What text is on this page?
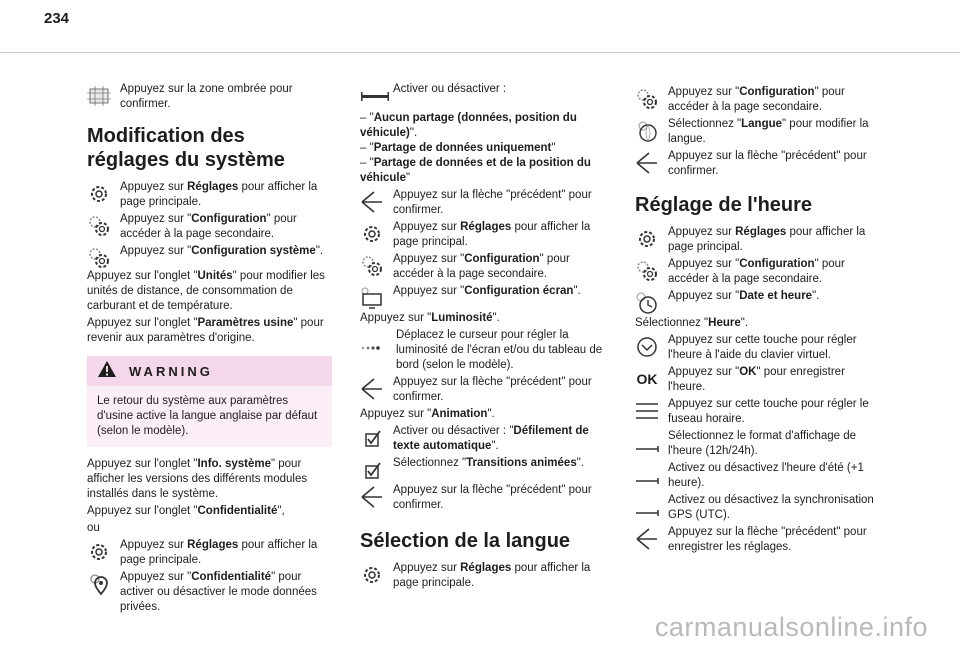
234
Appuyez sur la zone ombrée pour confirmer.
Modification des réglages du système
Appuyez sur Réglages pour afficher la page principale.
Appuyez sur "Configuration" pour accéder à la page secondaire.
Appuyez sur "Configuration système".
Appuyez sur l'onglet "Unités" pour modifier les unités de distance, de consommation de carburant et de température.
Appuyez sur l'onglet "Paramètres usine" pour revenir aux paramètres d'origine.
WARNING
Le retour du système aux paramètres d'usine active la langue anglaise par défaut (selon le modèle).
Appuyez sur l'onglet "Info. système" pour afficher les versions des différents modules installés dans le système.
Appuyez sur l'onglet "Confidentialité",
ou
Appuyez sur Réglages pour afficher la page principale.
Appuyez sur "Confidentialité" pour activer ou désactiver le mode données privées.
Activer ou désactiver :
– "Aucun partage (données, position du véhicule)".
– "Partage de données uniquement"
– "Partage de données et de la position du véhicule"
Appuyez sur la flèche "précédent" pour confirmer.
Appuyez sur Réglages pour afficher la page principal.
Appuyez sur "Configuration" pour accéder à la page secondaire.
Appuyez sur "Configuration écran".
Appuyez sur "Luminosité".
Déplacez le curseur pour régler la luminosité de l'écran et/ou du tableau de bord (selon le modèle).
Appuyez sur la flèche "précédent" pour confirmer.
Appuyez sur "Animation".
Activer ou désactiver : "Défilement de texte automatique".
Sélectionnez "Transitions animées".
Appuyez sur la flèche "précédent" pour confirmer.
Sélection de la langue
Appuyez sur Réglages pour afficher la page principale.
Appuyez sur "Configuration" pour accéder à la page secondaire.
Sélectionnez "Langue" pour modifier la langue.
Appuyez sur la flèche "précédent" pour confirmer.
Réglage de l'heure
Appuyez sur Réglages pour afficher la page principal.
Appuyez sur "Configuration" pour accéder à la page secondaire.
Appuyez sur "Date et heure".
Sélectionnez "Heure".
Appuyez sur cette touche pour régler l'heure à l'aide du clavier virtuel.
OK Appuyez sur "OK" pour enregistrer l'heure.
Appuyez sur cette touche pour régler le fuseau horaire.
Sélectionnez le format d'affichage de l'heure (12h/24h).
Activez ou désactivez l'heure d'été (+1 heure).
Activez ou désactivez la synchronisation GPS (UTC).
Appuyez sur la flèche "précédent" pour enregistrer les réglages.
carmanualsonline.info
